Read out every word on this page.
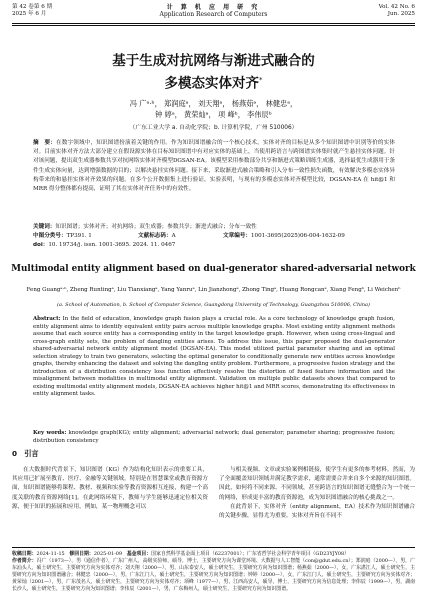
第 42 卷第 6 期
2025 年 6 月
计 算 机 应 用 研 究
Application Research of Computers
Vol. 42 No. 6
Jun. 2025
基于生成对抗网络与渐进式融合的
多模态实体对齐*
冯 广ᵃ·ᵇ， 郑润庭ᵃ， 刘天翔ᵃ， 杨燕茹ᵃ， 林健忠ᵃ，
钟 婷ᵃ， 黄荣灿ᵃ， 项 峰ᵇ， 李伟辰ᵇ
（广东工业大学 a. 自动化学院；b. 计算机学院，广州 510006）
摘　要：在数字领域中，知识图谱扮演着关键的作用。作为知识图谱融合的一个核心技术，实体对齐的目标是从多个知识图谱中识别等价的实体对。目前实体对齐方法大部分建立在假设源实体在目标知识图谱中有对应实体的基础上，当使用跨语言与跨图谱实体集时就产生悬挂实体问题。针对该问题，提出双生成器参数共享对抗网络实体对齐模型DGSAN-EA。该模型采用参数部分共享和渐进式策略训练生成器，选择最优生成器用于条件生成实体向量，达到增强数据的目的；以解决悬挂实体问题。接下来，采取渐进式融合策略和引入分布一致性损失函数，有效解决多模态实体异构带来的和悬挂实体对齐效果的问题。在多个公开数据集上进行验证，实验表明，与现有的多模态实体对齐模型比较，DGSAN-EA 在 hit@1 和 MRR 得分整体都有提高，证明了其在实体对齐任务中的有效性。
关键词：知识图谱；实体对齐；对抗网络；双生成器；参数共享；渐进式融合；分布一致性
中图分类号：TP391. 1	文献标志码：A	文章编号：1001-3695(2025)06-004-1632-09
doi：10. 19734/j. issn. 1001-3695. 2024. 11. 0467
Multimodal entity alignment based on dual-generator shared-adversarial network
Feng Guangᵃ·ᵇ, Zheng Runtingᵃ, Liu Tianxiangᵃ, Yang Yanruᵃ, Lin Jianzhongᵃ, Zhong Tingᵃ, Huang Rongcanᵃ, Xiang Fengᵇ, Li Weichenᵇ
(a. School of Automation, b. School of Computer Science, Guangdong University of Technology, Guangzhou 510006, China)
Abstract: In the field of education, knowledge graph fusion plays a crucial role. As a core technology of knowledge graph fusion, entity alignment aims to identify equivalent entity pairs across multiple knowledge graphs. Most existing entity alignment methods assume that each source entity has a corresponding entity in the target knowledge graph. However, when using cross-lingual and cross-graph entity sets, the problem of dangling entities arises. To address this issue, this paper proposed the dual-generator shared-adversarial network entity alignment model (DGSAN-EA). This model utilized partial parameter sharing and an optimal selection strategy to train two generators, selecting the optimal generator to conditionally generate new entities across knowledge graphs, thereby enhancing the dataset and solving the dangling entity problem. Furthermore, a progressive fusion strategy and the introduction of a distribution consistency loss function effectively resolve the distortion of fused feature information and the misalignment between modalities in multimodal entity alignment. Validation on multiple public datasets shows that compared to existing multimodal entity alignment models, DGSAN-EA achieves higher hit@1 and MRR scores, demonstrating its effectiveness in entity alignment tasks.
Key words: knowledge graph(KG); entity alignment; adversarial network; dual generator; parameter sharing; progressive fusion; distribution consistency
0　引言

在大数据时代背景下，知识图谱（KG）作为结构化知识表示的重要工具，其应用已扩展至教育、医疗、金融等关键领域。特别是在智慧课堂或教育资源方面，知识图谱能够将课程、教材、视频和实验等教育资源相互连接，构建一个高度关联的教育资源网络[1]。在此网络环境下，教师与学生能够迅速定位相关资源，便于知识的拓展和应用，例如，某一物理概念可以

与相关视频、文章或实验案例相链接，使学生有更多的参考材料。然而，为了全面覆盖知识领域并满足教学需求，通常需要合并来自多个来源的知识图谱。因此，如何将不同来源、不同领域，甚至跨语言的知识图谱无缝整合为一个统一的网络，形成更丰富的教育资源池，成为知识图谱融合的核心挑战之一。

在此背景下，实体对齐（entity alignment，EA）技术作为知识图谱融合的关键步骤，显得尤为重要。实体对齐旨在不同不

收稿日期：2024-11-15 修回日期：2025-01-09 基金项目：国家自然科学基金面上项目（62237001）；广东省哲学社会科学青年项目（GD23YJY08）
作者简介：冯广（1973—），男（通信作者），广东广州人，高级实验师，硕导，博士，主要研究方向为课堂环境、大数据与人工智能（con@gdut.edu.cn）；郑润庭（2000—），男，广东汕头人，硕士研究生，主要研究方向为实体对齐；刘天翔（2000—），男，山东泰安人，硕士研究生，主要研究方向为知识图谱；杨燕茹（2000—），女，广东湛江人，硕士研究生，主要研究方向为知识图谱融合；林健忠（2000—），男，广东江门人，硕士研究生，主要研究方向为知识图谱；钟婷（2000—），女，广东江门人，硕士研究生，主要研究方向为实体对齐；黄荣灿（2001—），男，广东茂名人，硕士研究生，主要研究方向为实体对齐；项峰（1977—），男，江西高安人，硕导，博士，主要研究方向为信息处理；李伟辰（1999—），男，湖南长沙人，硕士研究生，主要研究方向为知识图谱；李伟辰（2001—），男，广东梅州人，硕士研究生，主要研究方向为知识图谱。
